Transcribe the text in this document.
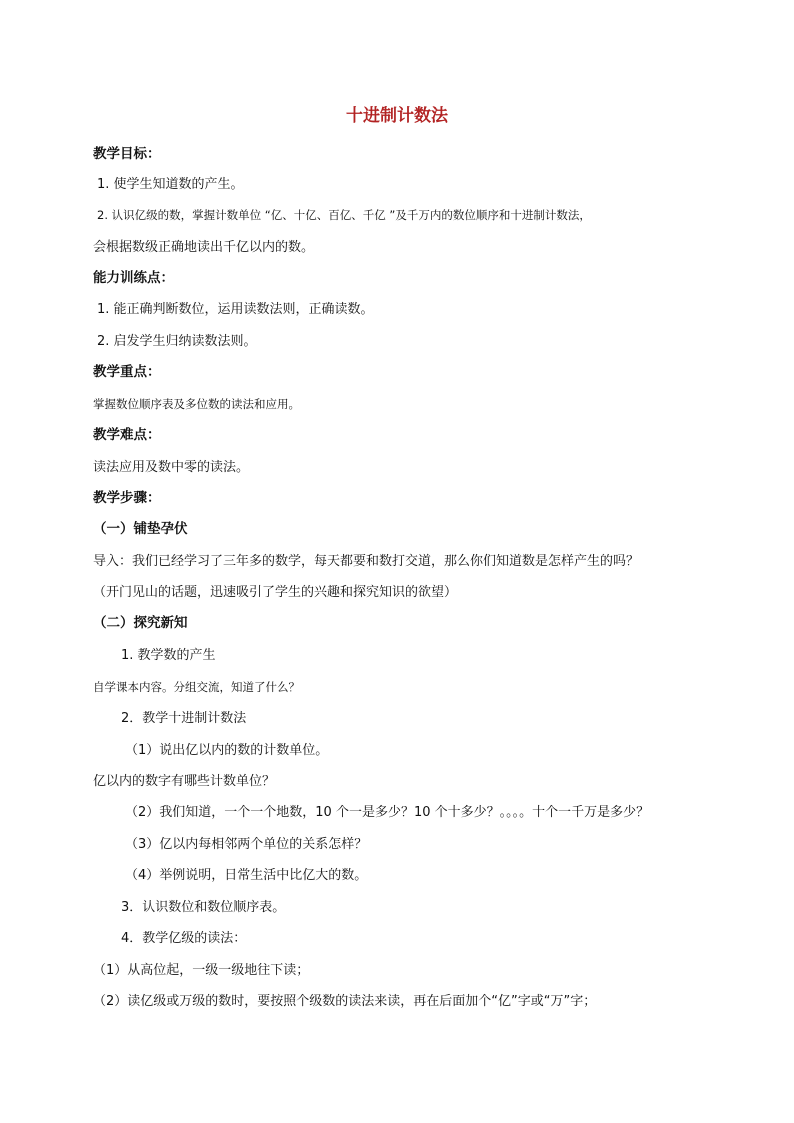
十进制计数法
教学目标：
1. 使学生知道数的产生。
2. 认识亿级的数，掌握计数单位 “亿、十亿、百亿、千亿 ”及千万内的数位顺序和十进制计数法，
会根据数级正确地读出千亿以内的数。
能力训练点：
1. 能正确判断数位，运用读数法则，正确读数。
2. 启发学生归纳读数法则。
教学重点：
掌握数位顺序表及多位数的读法和应用。
教学难点：
读法应用及数中零的读法。
教学步骤：
（一）铺垫孕伏
导入：我们已经学习了三年多的数学，每天都要和数打交道，那么你们知道数是怎样产生的吗？
（开门见山的话题，迅速吸引了学生的兴趣和探究知识的欲望）
（二）探究新知
1. 教学数的产生
自学课本内容。分组交流，知道了什么？
2．教学十进制计数法
（1）说出亿以内的数的计数单位。
亿以内的数字有哪些计数单位？
（2）我们知道，一个一个地数，10 个一是多少？10 个十多少？。。。。十个一千万是多少？
（3）亿以内每相邻两个单位的关系怎样？
（4）举例说明，日常生活中比亿大的数。
3．认识数位和数位顺序表。
4．教学亿级的读法：
（1）从高位起，一级一级地往下读；
（2）读亿级或万级的数时，要按照个级数的读法来读，再在后面加个“亿”字或“万”字；
